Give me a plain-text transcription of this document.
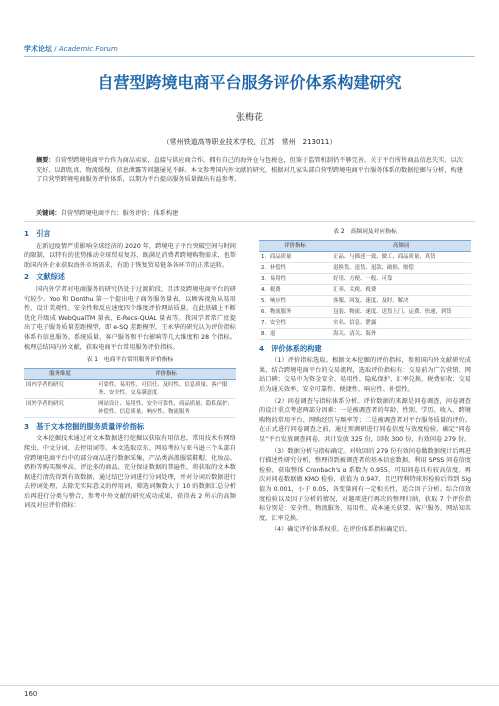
学术论坛 / Academic Forum
自营型跨境电商平台服务评价体系构建研究
张梅花
（常州铁道高等职业技术学校，江苏　常州　213011）
摘要：自营型跨境电商平台作为商品卖家，直接与供应商合作，拥有自己的海外仓与包税仓，但鉴于监管机制仍不够完善、关于平台所售商品信息失实、以次充好、以卸乱真、物流缓慢、信息泄露等问题屡见不鲜。本文参考国内外文献的研究，根据对几家头部自营型跨境电商平台服务体系的数据挖掘与分析，构建了自营型跨境电商服务评价体系，以期为平台提高服务质量做出有益参考。
关键词：自营型跨境电商平台；服务评价；体系构建
1　引言
在新冠疫情严重影响全球经济的 2020 年，跨境电子平台突破空间与时间的限制，以特有的优势推动全球贸易复苏，既满足消费者跨境购物需求，也帮助国内外企业获取海外市场需求，有助于恢复贸易链条各环节的正常运转。
2　文献综述
国内外学者对电商服务的研究仍处于过渡阶段，且涉及跨境电商平台的研究较少。Yoo 和 Donthu 第一个提出电子商务服务量表，以顾客视角从易用性、设计美观性、安全性和反应速度四个维度评价网站质量，在此基础上不断优化升级成 WebQualTM 量表、E-Recs-QUAL 量表等。我国学者常广庶提出了电子服务质量差距模型，即 e-SQ 差距模型，王永华的研究认为评价指标体系有信息服务、系统质量、客户服务和平台影响等几大维度和 28 个指标。梳理总结国内外文献，获取电商平台常用服务评价指标。
表 1　电商平台常用服务评价指标
服务维度	评价指标
国内学者的研究	可靠性、易用性、可信任、及时性、信息质量、客户服务、安全性、交易满意度
国外学者的研究	网站设计、易用性、安全可靠性、商品质量、隐私保护、补偿性、信息质量、响应性、物流服务
3　基于文本挖掘的服务质量评价指标
文本挖掘技术通过对文本数据进行挖掘以获取有用信息，常用技术有网络爬虫、中文分词、去停用词等。本文选取京东、网易考拉与亚马逊三个头部自营跨境电商平台中的部分商品进行数据采集，产品类涡盖服装鞋帽、化妆品、奶粉等购买频率高、评论多的商品，充分保证数据的普遍性，将获取的文本数据进行清洗得到有效数据，通过结巴分词进行分词处理，并对分词后数据进行去停词处理，去除无实际意义的停用词，筛选词频数大于 10 的数据汇总分析后再进行分类与整合，参考中外文献的研究成功成果，获得表 2 所示的高频词及对应评价指标：
表 2　高频词及对应指标
评价指标	高频词
1．商品质量	正品、与描述一致、做工、商品质量、真货
2．补偿性	退换货、退货、退款、破损、赔偿
3．易用性	好用、方便、一般、可靠
4．税费	汇率、关税、税费
5．响应性	客服、回复、速度、及时、解决
6．物流服务	包装、物流、速度、送货上门、运费、快递、到货
7．安全性	实名、信息、泄露
8．退	海关、清关、海外
4　评价体系的构建
（1）评价指标选取。根据文本挖掘的评价指标，参照国内外文献研究成果，结合跨境电商平台的交易流程，选取评价指标有：交易前为广告营销、网站口碑；交易中为资金安全、易用性、隐私保护、汇率兑换、税费征收；交易后为通关效率、安全可靠性、便捷性、响应性、补偿性。
（2）问卷调查与指标体系分析。评价数据的来源是问卷调查，问卷调查的设计重点考虑两部分因素：一是被调查者的年龄、性别、学历、收入、跨境购物的常用平台、网购经历与频率等；二是被调查者对平台服务质量的评价。在正式进行问卷调查之前，通过预调研进行问卷信度与效度检验，确定“问卷星”平台发放调查问卷，共计发放 325 份，回收 300 份，有效问卷 279 份。
（3）数据分析与指标确定。对收回的 279 份有效问卷做数据统计后再进行描述性研究分析，整理得到被调查者的基本信息数据，利用 SPSS 问卷信度检验，获取整体 Cronbach's α 系数为 0.955，可知问卷具有较高信度。再次对问卷数据做 KMO 检验，获值为 0.947，且巴特利特球形检验后得到 Sig 值为 0.001，小于 0.05，各变量间有一定相关性，适合因子分析。综合信效度检验以及因子分析的情况，对题项进行再次的整理归纳，获取 7 个评价指标分别是：安全性、物流服务、易用性、成本通关获要、客户服务、网站知名度、汇率兑换。
（4）确定评价体系权重。在评价体系指标确定后，
160
